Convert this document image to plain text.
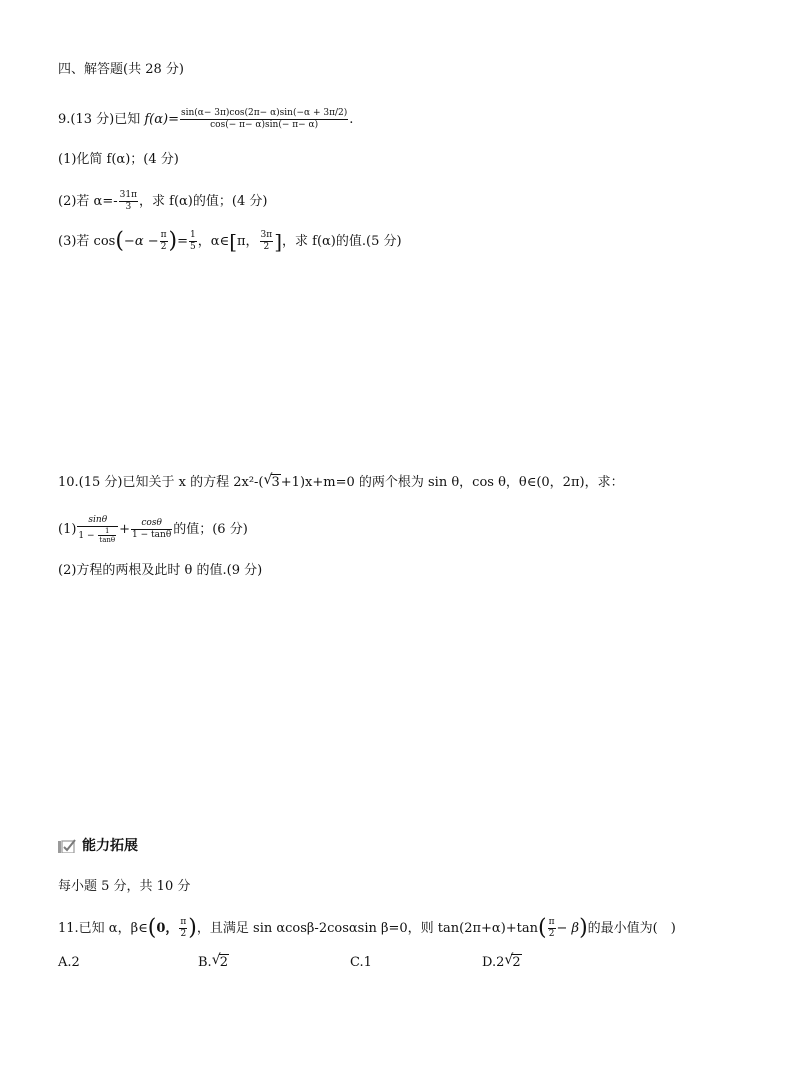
四、解答题(共 28 分)
9.(13 分)已知 $f(\alpha)= \frac{\sin(\alpha- 3\pi)\cos(2\pi- \alpha)\sin(-\alpha + 3\pi/2)}{\cos(- \pi- \alpha)\sin(- \pi- \alpha)}$ .
(1)化简 f(α)；(4 分)
(2)若 $\alpha=- \frac{31\pi}{3}$ ，求 f(α)的值；(4 分)
(3)若 $\cos(-\alpha - \frac{\pi}{2}$ )= $\frac{1}{5}$ ，α∈[π， $\frac{3\pi}{2}$ ]，求 f(α)的值.(5 分)
10.(15 分)已知关于 x 的方程 2x²-( √ 3+1)x+m=0 的两个根为 sin θ，cos θ，θ∈(0，2π)，求：
$(1) \frac{\sin\theta}{1 - \frac{1}{\tan\theta}} + \frac{\cos\theta}{1 - \tan\theta}$ 的值；(6 分)
(2)方程的两根及此时 θ 的值.(9 分)
能力拓展
每小题 5 分，共 10 分
11.已知 α，β∈(0， $\frac{\pi}{2}$ )，且满足 sin αcosβ-2cosαsin β=0，则 $\tan(2\pi+\alpha)+\tan( \frac{\pi}{2} - \beta)$的最小值为(　)
A.2	B. √ 2	C.1	D.2 √ 2
